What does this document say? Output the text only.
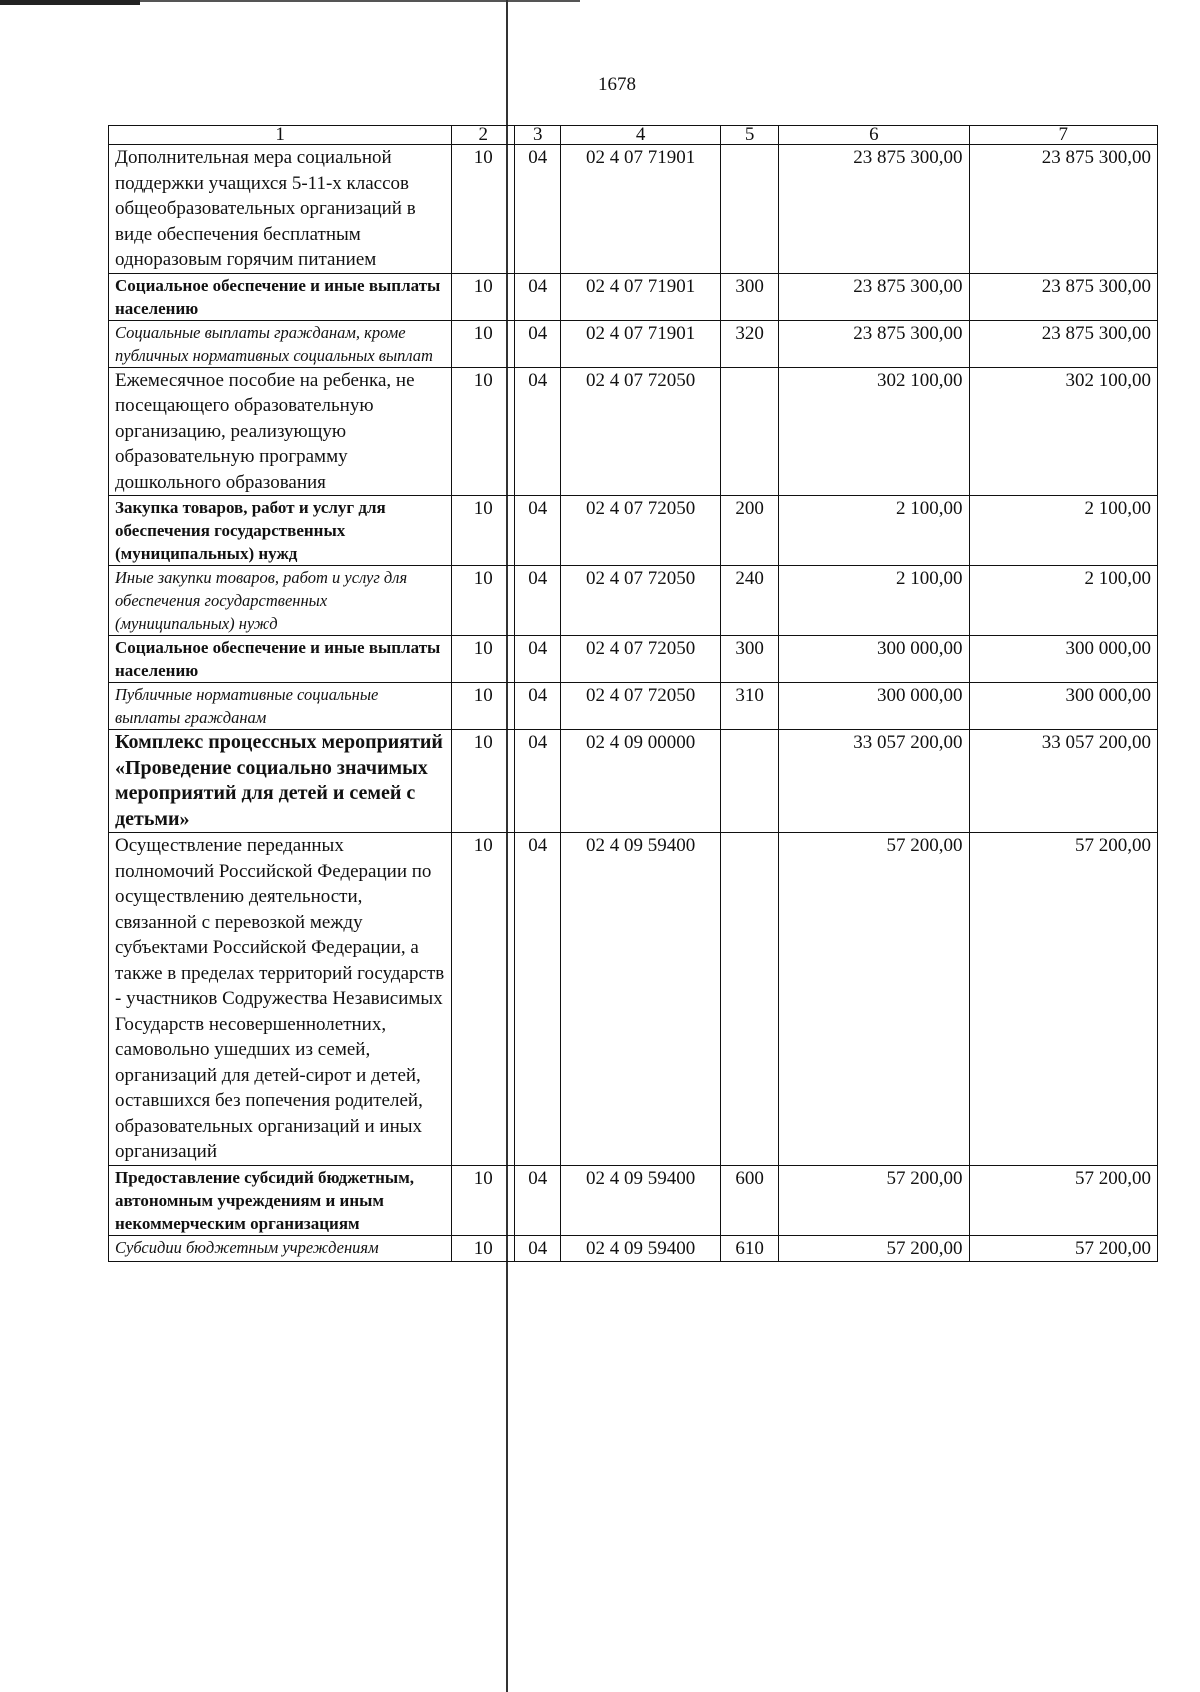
1678
1	2	3	4	5	6	7
Дополнительная мера социальной поддержки учащихся 5-11-х классов общеобразовательных организаций в виде обеспечения бесплатным одноразовым горячим питанием	10	04	02 4 07 71901		23 875 300,00	23 875 300,00
Социальное обеспечение и иные выплаты населению	10	04	02 4 07 71901	300	23 875 300,00	23 875 300,00
Социальные выплаты гражданам, кроме публичных нормативных социальных выплат	10	04	02 4 07 71901	320	23 875 300,00	23 875 300,00
Ежемесячное пособие на ребенка, не посещающего образовательную организацию, реализующую образовательную программу дошкольного образования	10	04	02 4 07 72050		302 100,00	302 100,00
Закупка товаров, работ и услуг для обеспечения государственных (муниципальных) нужд	10	04	02 4 07 72050	200	2 100,00	2 100,00
Иные закупки товаров, работ и услуг для обеспечения государственных (муниципальных) нужд	10	04	02 4 07 72050	240	2 100,00	2 100,00
Социальное обеспечение и иные выплаты населению	10	04	02 4 07 72050	300	300 000,00	300 000,00
Публичные нормативные социальные выплаты гражданам	10	04	02 4 07 72050	310	300 000,00	300 000,00
Комплекс процессных мероприятий «Проведение социально значимых мероприятий для детей и семей с детьми»	10	04	02 4 09 00000		33 057 200,00	33 057 200,00
Осуществление переданных полномочий Российской Федерации по осуществлению деятельности, связанной с перевозкой между субъектами Российской Федерации, а также в пределах территорий государств - участников Содружества Независимых Государств несовершеннолетних, самовольно ушедших из семей, организаций для детей-сирот и детей, оставшихся без попечения родителей, образовательных организаций и иных организаций	10	04	02 4 09 59400		57 200,00	57 200,00
Предоставление субсидий бюджетным, автономным учреждениям и иным некоммерческим организациям	10	04	02 4 09 59400	600	57 200,00	57 200,00
Субсидии бюджетным учреждениям	10	04	02 4 09 59400	610	57 200,00	57 200,00
